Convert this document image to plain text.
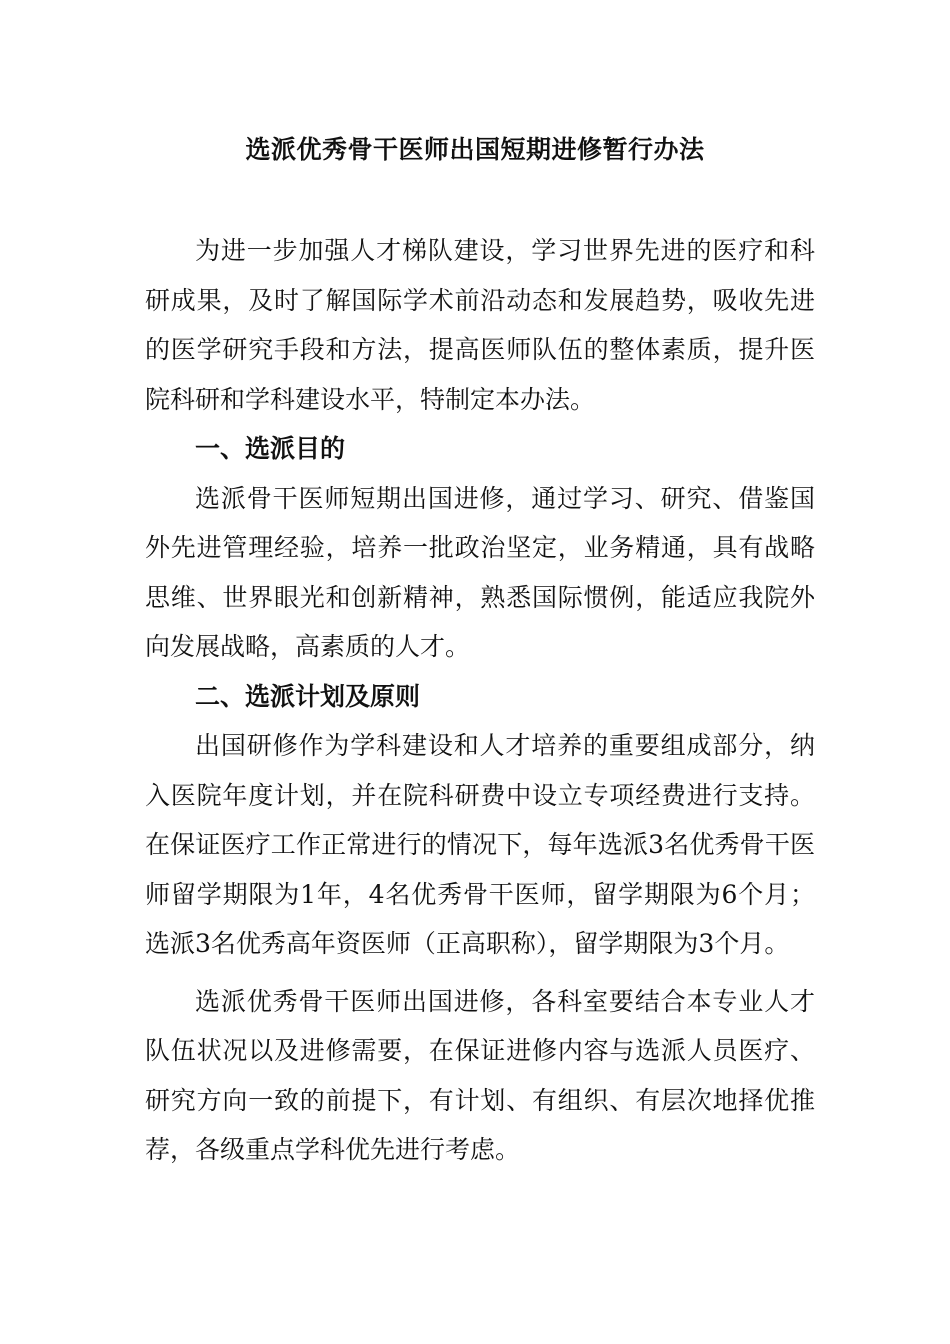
选派优秀骨干医师出国短期进修暂行办法

为进一步加强人才梯队建设，学习世界先进的医疗和科研成果，及时了解国际学术前沿动态和发展趋势，吸收先进的医学研究手段和方法，提高医师队伍的整体素质，提升医院科研和学科建设水平，特制定本办法。

一、选派目的

选派骨干医师短期出国进修，通过学习、研究、借鉴国外先进管理经验，培养一批政治坚定，业务精通，具有战略思维、世界眼光和创新精神，熟悉国际惯例，能适应我院外向发展战略，高素质的人才。

二、选派计划及原则

出国研修作为学科建设和人才培养的重要组成部分，纳入医院年度计划，并在院科研费中设立专项经费进行支持。在保证医疗工作正常进行的情况下，每年选派3名优秀骨干医师留学期限为1年，4名优秀骨干医师，留学期限为6个月；选派3名优秀高年资医师（正高职称），留学期限为3个月。

选派优秀骨干医师出国进修，各科室要结合本专业人才队伍状况以及进修需要，在保证进修内容与选派人员医疗、研究方向一致的前提下，有计划、有组织、有层次地择优推荐，各级重点学科优先进行考虑。
